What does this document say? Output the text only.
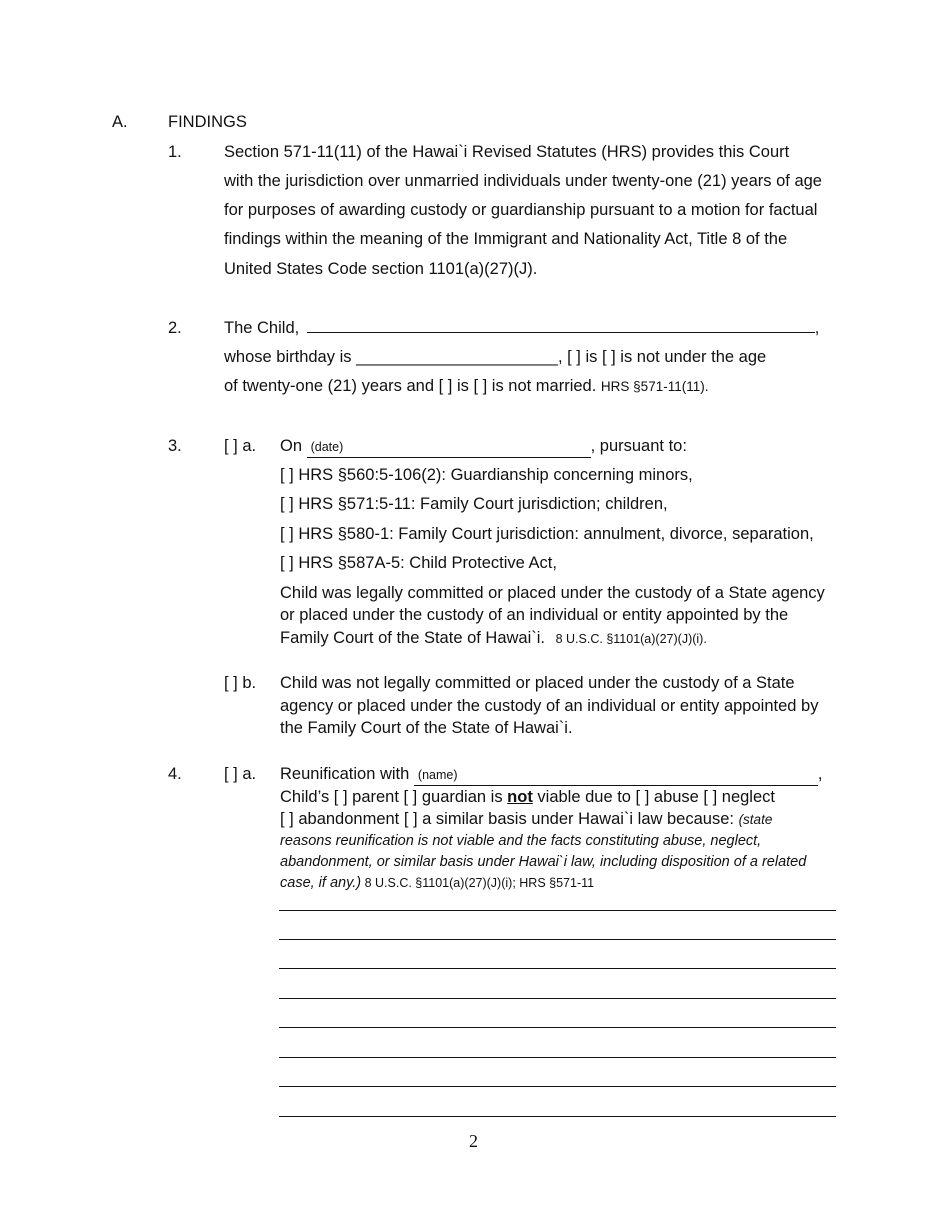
A. FINDINGS
1.	Section 571-11(11) of the Hawai`i Revised Statutes (HRS) provides this Court
with the jurisdiction over unmarried individuals under twenty-one (21) years of age
for purposes of awarding custody or guardianship pursuant to a motion for factual
findings within the meaning of the Immigrant and Nationality Act, Title 8 of the
United States Code section 1101(a)(27)(J).
2.	The Child,	,
whose birthday is ______________________, [ ] is [ ] is not under the age
of twenty-one (21) years and [ ] is [ ] is not married. HRS §571-11(11).
3.	[ ] a. On (date)	, pursuant to:
[ ] HRS §560:5-106(2): Guardianship concerning minors,
[ ] HRS §571:5-11: Family Court jurisdiction; children,
[ ] HRS §580-1: Family Court jurisdiction: annulment, divorce, separation,
[ ] HRS §587A-5: Child Protective Act,
Child was legally committed or placed under the custody of a State agency
or placed under the custody of an individual or entity appointed by the
Family Court of the State of Hawai`i. 8 U.S.C. §1101(a)(27)(J)(i).
[ ] b. Child was not legally committed or placed under the custody of a State
agency or placed under the custody of an individual or entity appointed by
the Family Court of the State of Hawai`i.
4.	[ ] a. Reunification with (name)	,
Child’s [ ] parent [ ] guardian is not viable due to [ ] abuse [ ] neglect
[ ] abandonment [ ] a similar basis under Hawai`i law because: (state
reasons reunification is not viable and the facts constituting abuse, neglect,
abandonment, or similar basis under Hawai`i law, including disposition of a related
case, if any.) 8 U.S.C. §1101(a)(27)(J)(i); HRS §571-11
2
